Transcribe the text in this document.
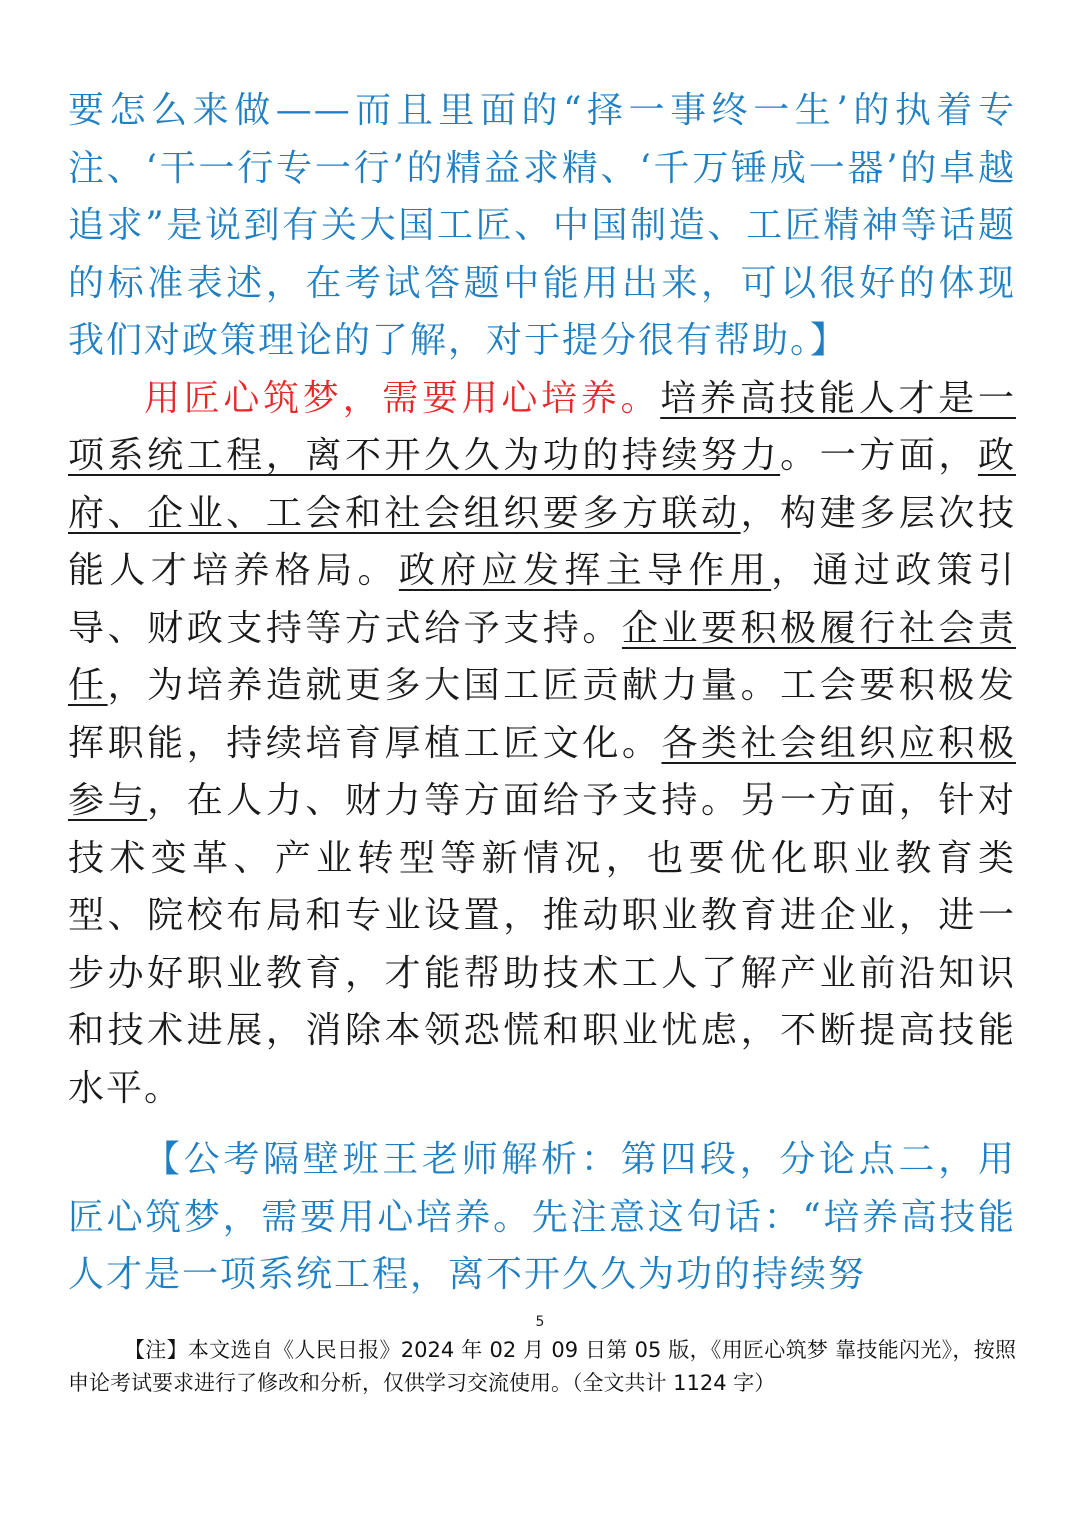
要怎么来做——而且里面的“择一事终一生’的执着专注、‘干一行专一行’的精益求精、‘千万锤成一器’的卓越追求”是说到有关大国工匠、中国制造、工匠精神等话题的标准表述，在考试答题中能用出来，可以很好的体现我们对政策理论的了解，对于提分很有帮助。】

用匠心筑梦，需要用心培养。培养高技能人才是一项系统工程，离不开久久为功的持续努力。一方面，政府、企业、工会和社会组织要多方联动，构建多层次技能人才培养格局。政府应发挥主导作用，通过政策引导、财政支持等方式给予支持。企业要积极履行社会责任，为培养造就更多大国工匠贡献力量。工会要积极发挥职能，持续培育厚植工匠文化。各类社会组织应积极参与，在人力、财力等方面给予支持。另一方面，针对技术变革、产业转型等新情况，也要优化职业教育类型、院校布局和专业设置，推动职业教育进企业，进一步办好职业教育，才能帮助技术工人了解产业前沿知识和技术进展，消除本领恐慌和职业忧虑，不断提高技能水平。

【公考隔壁班王老师解析：第四段，分论点二，用匠心筑梦，需要用心培养。先注意这句话：“培养高技能人才是一项系统工程，离不开久久为功的持续努

5
【注】本文选自《人民日报》2024 年 02 月 09 日第 05 版，《用匠心筑梦 靠技能闪光》，按照申论考试要求进行了修改和分析，仅供学习交流使用。（全文共计 1124 字）
